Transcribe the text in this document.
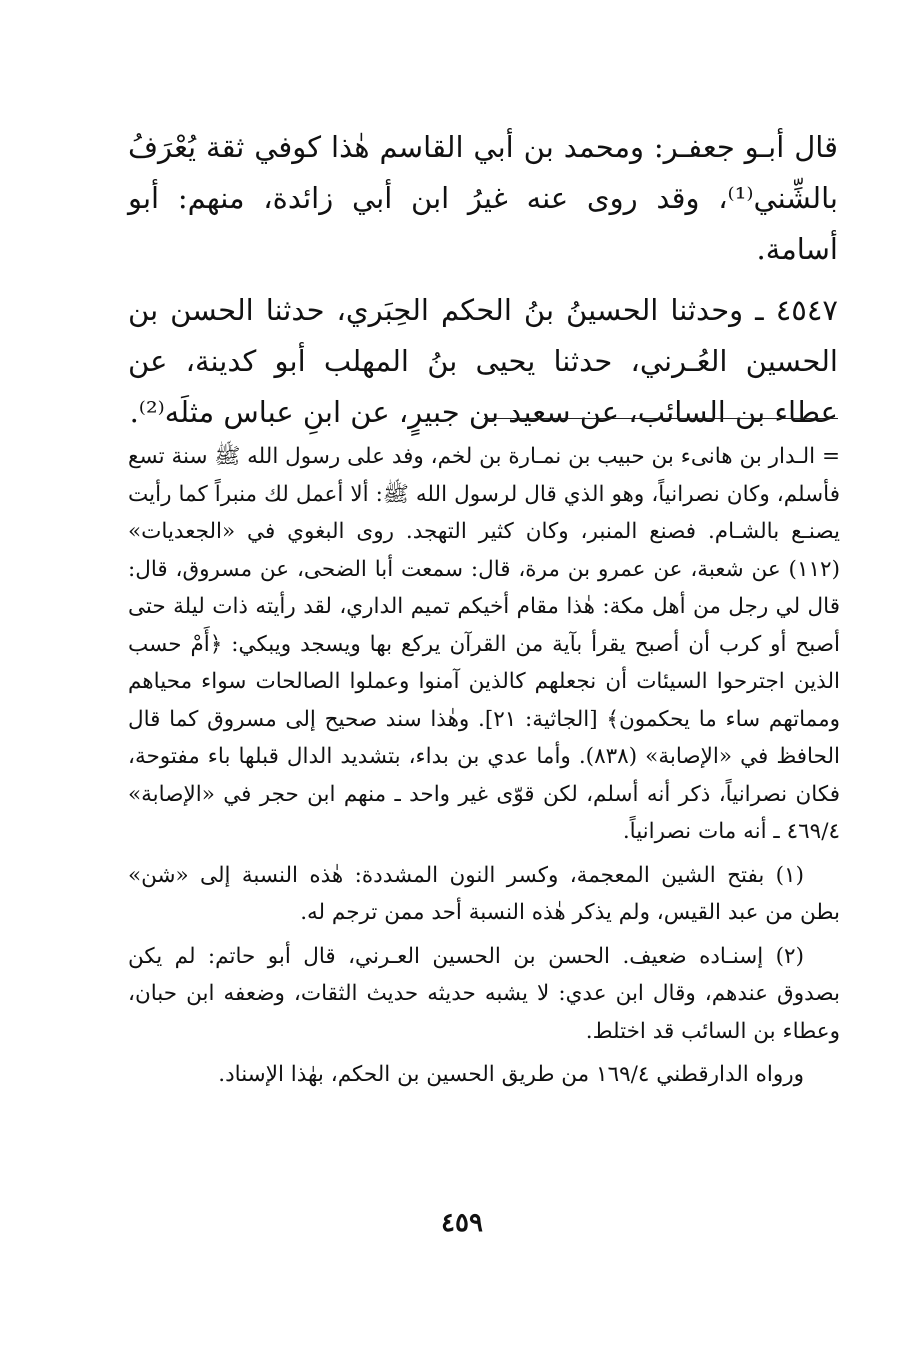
قال أبـو جعفـر: ومحمد بن أبي القاسم هٰذا كوفي ثقة يُعْرَفُ بالشِّني⁽¹⁾، وقد روى عنه غيرُ ابن أبي زائدة، منهم: أبو أسامة.

٤٥٤٧ ـ وحدثنا الحسينُ بنُ الحكم الحِبَري، حدثنا الحسن بن الحسين العُـرني، حدثنا يحيى بنُ المهلب أبو كدينة، عن عطاء بن السائب، عن سعيد بن جبيرٍ، عن ابنِ عباس مثلَه⁽²⁾.

= الـدار بن هانىء بن حبيب بن نمـارة بن لخم، وفد على رسول الله ﷺ سنة تسع فأسلم، وكان نصرانياً، وهو الذي قال لرسول الله ﷺ: ألا أعمل لك منبراً كما رأيت يصنـع بالشـام. فصنع المنبر، وكان كثير التهجد. روى البغوي في «الجعديات» (١١٢) عن شعبة، عن عمرو بن مرة، قال: سمعت أبا الضحى، عن مسروق، قال: قال لي رجل من أهل مكة: هٰذا مقام أخيكم تميم الداري، لقد رأيته ذات ليلة حتى أصبح أو كرب أن أصبح يقرأ بآية من القرآن يركع بها ويسجد ويبكي: ﴿أَمْ حسب الذين اجترحوا السيئات أن نجعلهم كالذين آمنوا وعملوا الصالحات سواء محياهم ومماتهم ساء ما يحكمون﴾ [الجاثية: ٢١]. وهٰذا سند صحيح إلى مسروق كما قال الحافظ في «الإصابة» (٨٣٨). وأما عدي بن بداء، بتشديد الدال قبلها باء مفتوحة، فكان نصرانياً، ذكر أنه أسلم، لكن قوّى غير واحد ـ منهم ابن حجر في «الإصابة» ٤٦٩/٤ ـ أنه مات نصرانياً.

(١) بفتح الشين المعجمة، وكسر النون المشددة: هٰذه النسبة إلى «شن» بطن من عبد القيس، ولم يذكر هٰذه النسبة أحد ممن ترجم له.

(٢) إسنـاده ضعيف. الحسن بن الحسين العـرني، قال أبو حاتم: لم يكن بصدوق عندهم، وقال ابن عدي: لا يشبه حديثه حديث الثقات، وضعفه ابن حبان، وعطاء بن السائب قد اختلط.

ورواه الدارقطني ١٦٩/٤ من طريق الحسين بن الحكم، بهٰذا الإسناد.

٤٥٩
